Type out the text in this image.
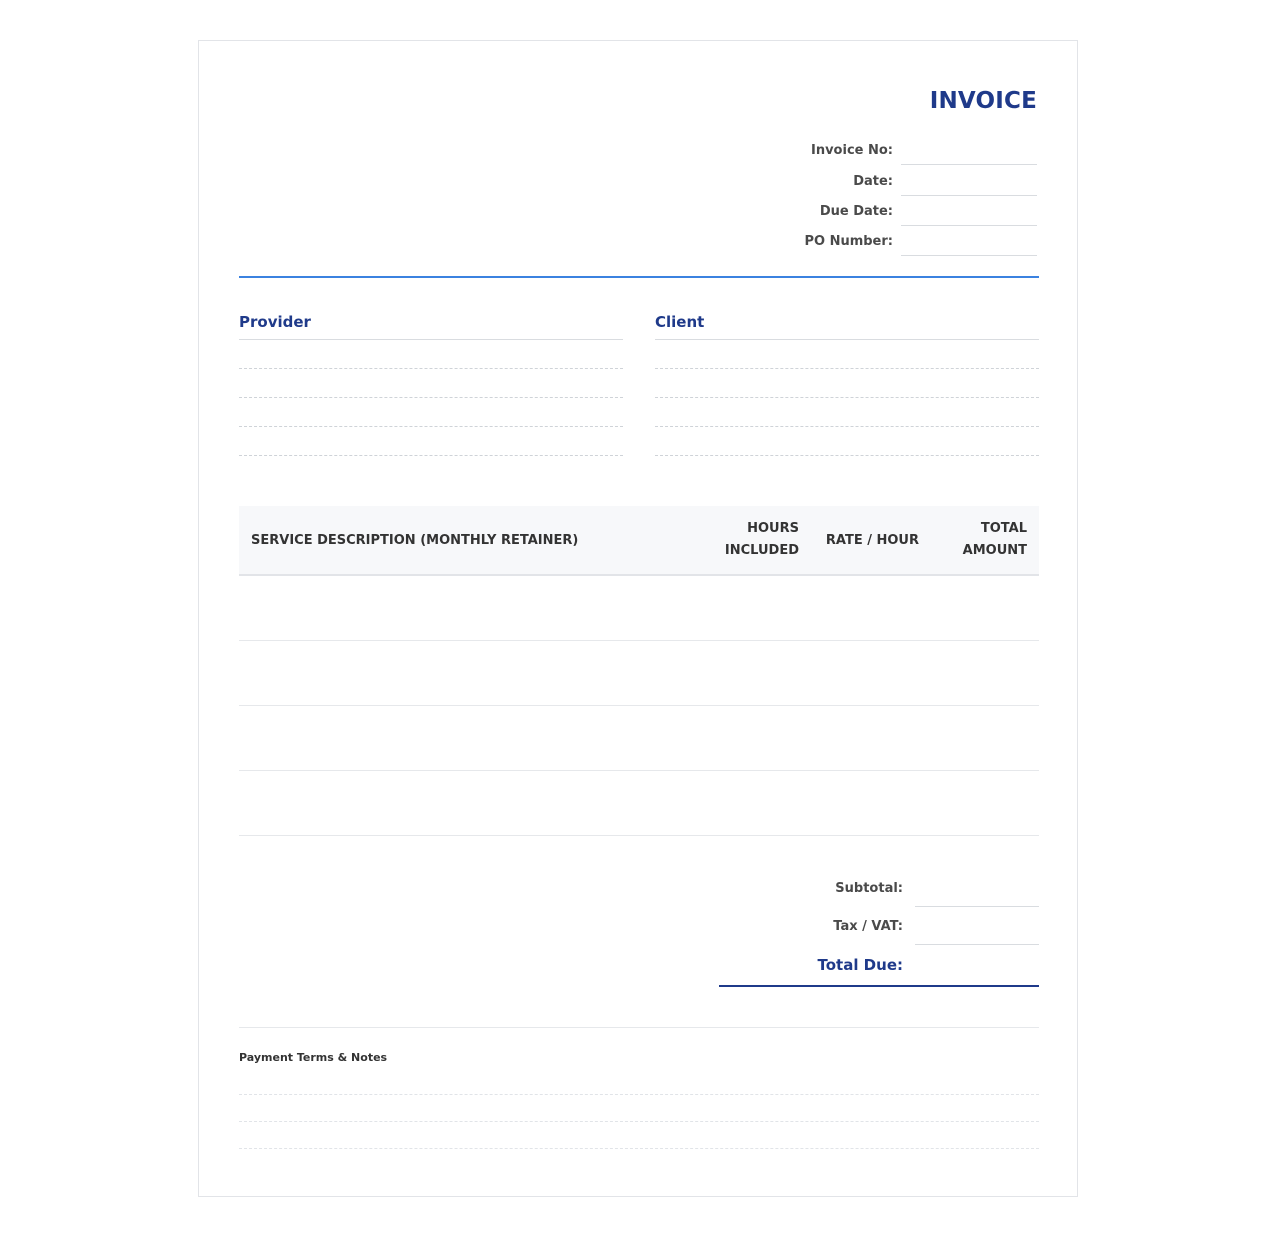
INVOICE
Invoice No:
Date:
Due Date:
PO Number:
Provider	Client
SERVICE DESCRIPTION (MONTHLY RETAINER)
HOURS
INCLUDED
RATE / HOUR
TOTAL
AMOUNT
Subtotal:
Tax / VAT:
Total Due:
Payment Terms & Notes
